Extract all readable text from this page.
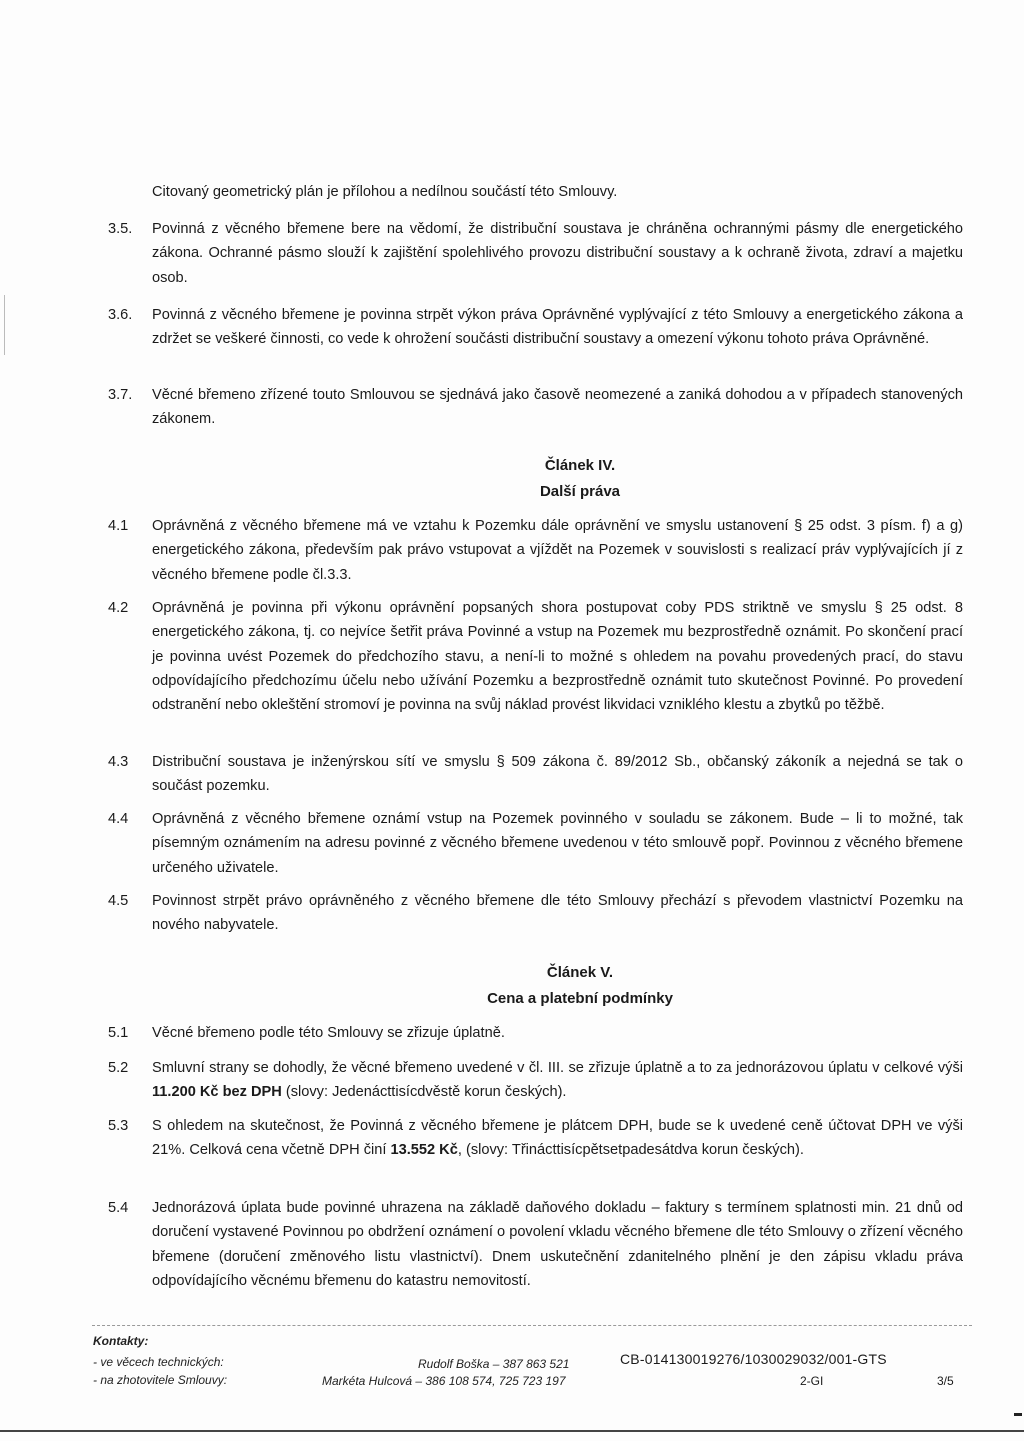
Citovaný geometrický plán je přílohou a nedílnou součástí této Smlouvy.
3.5.	Povinná z věcného břemene bere na vědomí, že distribuční soustava je chráněna ochrannými pásmy dle energetického zákona. Ochranné pásmo slouží k zajištění spolehlivého provozu distribuční soustavy a k ochraně života, zdraví a majetku osob.
3.6.	Povinná z věcného břemene je povinna strpět výkon práva Oprávněné vyplývající z této Smlouvy a energetického zákona a zdržet se veškeré činnosti, co vede k ohrožení součásti distribuční soustavy a omezení výkonu tohoto práva Oprávněné.
3.7.	Věcné břemeno zřízené touto Smlouvou se sjednává jako časově neomezené a zaniká dohodou a v případech stanovených zákonem.
Článek IV.
Další práva
4.1	Oprávněná z věcného břemene má ve vztahu k Pozemku dále oprávnění ve smyslu ustanovení § 25 odst. 3 písm. f) a g) energetického zákona, především pak právo vstupovat a vjíždět na Pozemek v souvislosti s realizací práv vyplývajících jí z věcného břemene podle čl.3.3.
4.2	Oprávněná je povinna při výkonu oprávnění popsaných shora postupovat coby PDS striktně ve smyslu § 25 odst. 8 energetického zákona, tj. co nejvíce šetřit práva Povinné a vstup na Pozemek mu bezprostředně oznámit. Po skončení prací je povinna uvést Pozemek do předchozího stavu, a není-li to možné s ohledem na povahu provedených prací, do stavu odpovídajícího předchozímu účelu nebo užívání Pozemku a bezprostředně oznámit tuto skutečnost Povinné. Po provedení odstranění nebo okleštění stromoví je povinna na svůj náklad provést likvidaci vzniklého klestu a zbytků po těžbě.
4.3	Distribuční soustava je inženýrskou sítí ve smyslu § 509 zákona č. 89/2012 Sb., občanský zákoník a nejedná se tak o součást pozemku.
4.4	Oprávněná z věcného břemene oznámí vstup na Pozemek povinného v souladu se zákonem. Bude – li to možné, tak písemným oznámením na adresu povinné z věcného břemene uvedenou v této smlouvě popř. Povinnou z věcného břemene určeného uživatele.
4.5	Povinnost strpět právo oprávněného z věcného břemene dle této Smlouvy přechází s převodem vlastnictví Pozemku na nového nabyvatele.
Článek V.
Cena a platební podmínky
5.1	Věcné břemeno podle této Smlouvy se zřizuje úplatně.
5.2	Smluvní strany se dohodly, že věcné břemeno uvedené v čl. III. se zřizuje úplatně a to za jednorázovou úplatu v celkové výši 11.200 Kč bez DPH (slovy: Jedenácttisícdvěstě korun českých).
5.3	S ohledem na skutečnost, že Povinná z věcného břemene je plátcem DPH, bude se k uvedené ceně účtovat DPH ve výši 21%. Celková cena včetně DPH činí 13.552 Kč, (slovy: Třinácttisícpětsetpadesátdva korun českých).
5.4	Jednorázová úplata bude povinné uhrazena na základě daňového dokladu – faktury s termínem splatnosti min. 21 dnů od doručení vystavené Povinnou po obdržení oznámení o povolení vkladu věcného břemene dle této Smlouvy o zřízení věcného břemene (doručení změnového listu vlastnictví). Dnem uskutečnění zdanitelného plnění je den zápisu vkladu práva odpovídajícího věcnému břemenu do katastru nemovitostí.
Kontakty:
- ve věcech technických:	Rudolf Boška – 387 863 521
- na zhotovitele Smlouvy:	Markéta Hulcová – 386 108 574, 725 723 197
CB-014130019276/1030029032/001-GTS
2-GI	3/5
